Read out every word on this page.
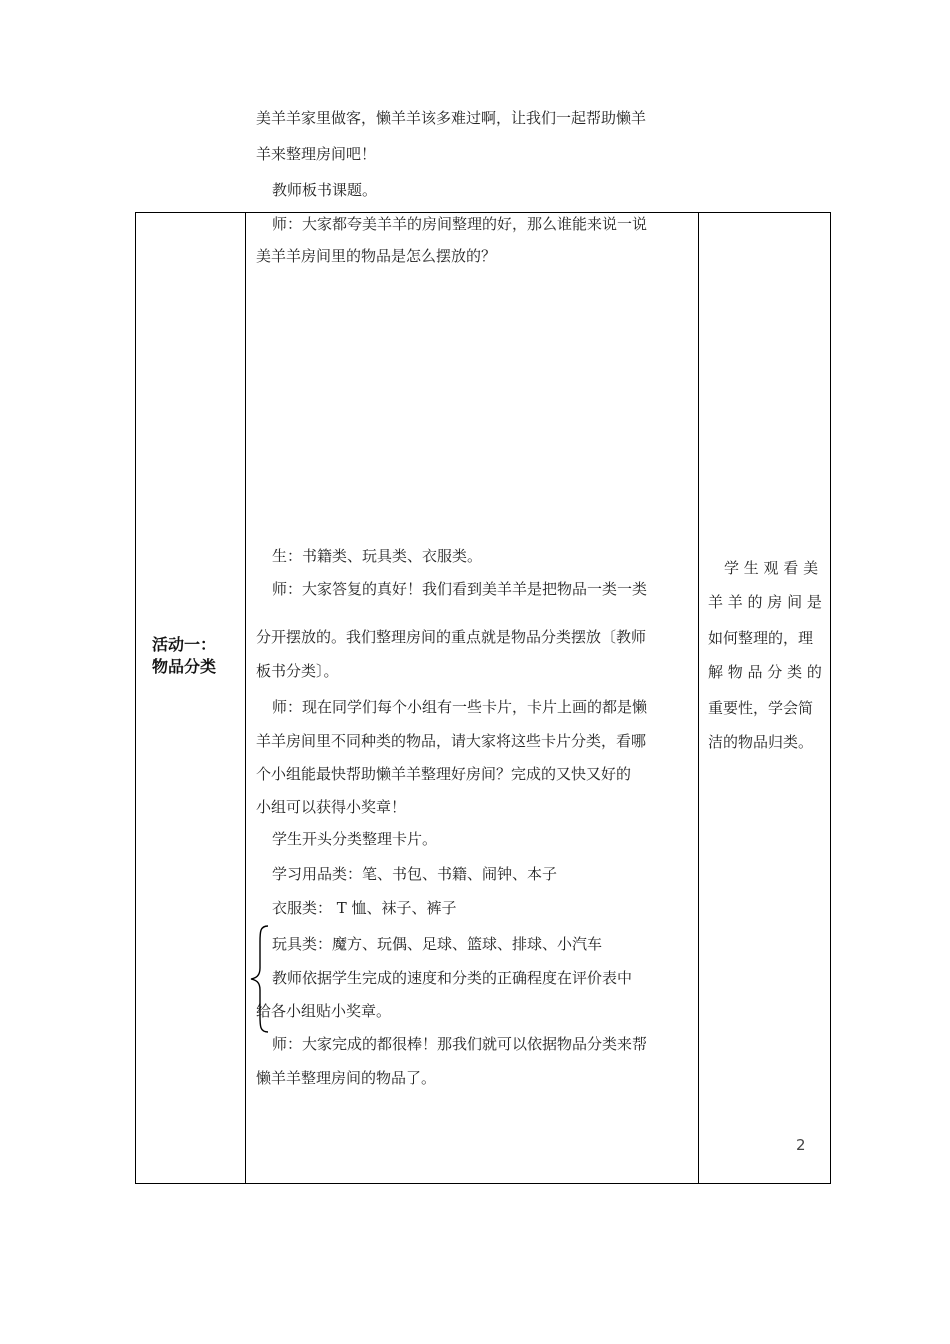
美羊羊家里做客，懒羊羊该多难过啊，让我们一起帮助懒羊
羊来整理房间吧！
教师板书课题。
活动一：
物品分类
师：大家都夸美羊羊的房间整理的好，那么谁能来说一说
美羊羊房间里的物品是怎么摆放的？
生：书籍类、玩具类、衣服类。
师：大家答复的真好！我们看到美羊羊是把物品一类一类
分开摆放的。我们整理房间的重点就是物品分类摆放〔教师
板书分类〕。
师：现在同学们每个小组有一些卡片，卡片上画的都是懒
羊羊房间里不同种类的物品，请大家将这些卡片分类，看哪
个小组能最快帮助懒羊羊整理好房间？完成的又快又好的
小组可以获得小奖章！
学生开头分类整理卡片。
学习用品类：笔、书包、书籍、闹钟、本子
衣服类： T 恤、袜子、裤子
玩具类：魔方、玩偶、足球、篮球、排球、小汽车
教师依据学生完成的速度和分类的正确程度在评价表中
给各小组贴小奖章。
师：大家完成的都很棒！那我们就可以依据物品分类来帮
懒羊羊整理房间的物品了。
学 生 观 看 美
羊 羊 的 房 间 是
如何整理的，理
解 物 品 分 类 的
重要性，学会简
洁的物品归类。
2
